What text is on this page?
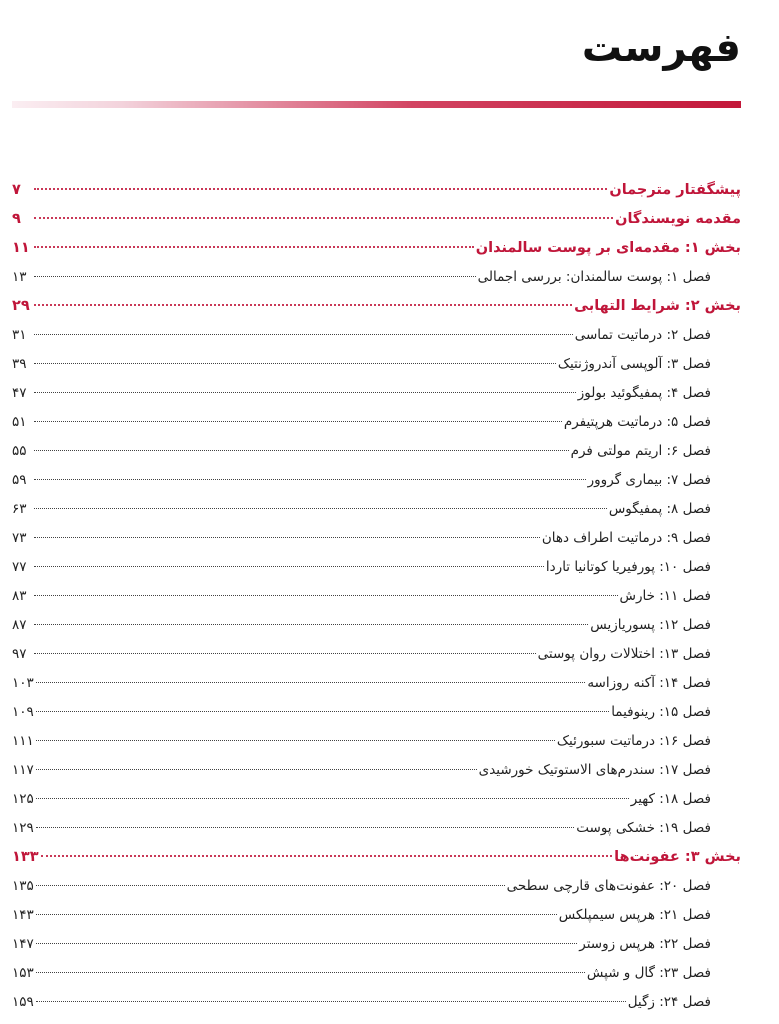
فهرست
پیشگفتار مترجمان
۷
مقدمه نویسندگان
۹
بخش ۱: مقدمه‌ای بر پوست سالمندان
۱۱
فصل ۱: پوست سالمندان: بررسی اجمالی
۱۳
بخش ۲: شرایط التهابی
۲۹
فصل ۲: درماتیت تماسی
۳۱
فصل ۳: آلوپسی آندروژنتیک
۳۹
فصل ۴: پمفیگوئید بولوز
۴۷
فصل ۵: درماتیت هرپتیفرم
۵۱
فصل ۶: اریتم مولتی فرم
۵۵
فصل ۷: بیماری گروور
۵۹
فصل ۸: پمفیگوس
۶۳
فصل ۹: درماتیت اطراف دهان
۷۳
فصل ۱۰: پورفیریا کوتانیا تاردا
۷۷
فصل ۱۱: خارش
۸۳
فصل ۱۲: پسوریازیس
۸۷
فصل ۱۳: اختلالات روان پوستی
۹۷
فصل ۱۴: آکنه روزاسه
۱۰۳
فصل ۱۵: رینوفیما
۱۰۹
فصل ۱۶: درماتیت سبورئیک
۱۱۱
فصل ۱۷: سندرم‌های الاستوتیک خورشیدی
۱۱۷
فصل ۱۸: کهیر
۱۲۵
فصل ۱۹: خشکی پوست
۱۲۹
بخش ۳: عفونت‌ها
۱۳۳
فصل ۲۰: عفونت‌های قارچی سطحی
۱۳۵
فصل ۲۱: هرپس سیمپلکس
۱۴۳
فصل ۲۲: هرپس زوستر
۱۴۷
فصل ۲۳: گال و شپش
۱۵۳
فصل ۲۴: زگیل
۱۵۹
